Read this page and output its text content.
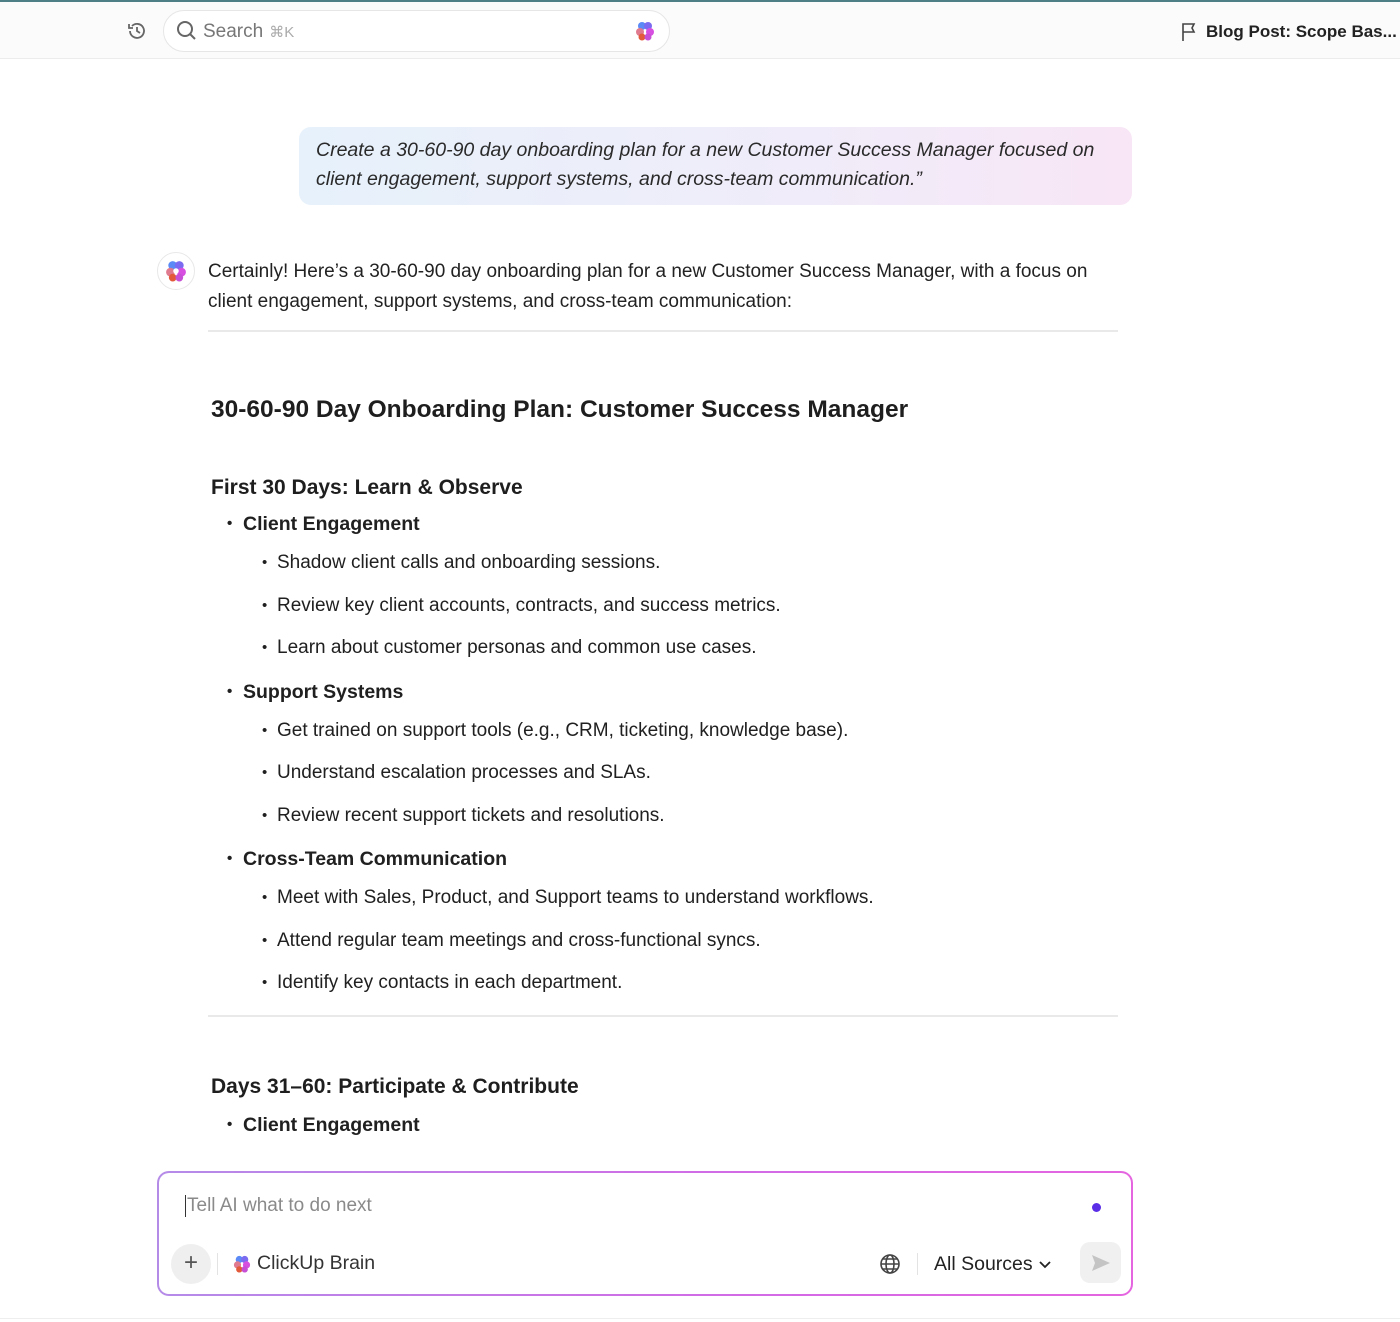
Search ⌘K	Blog Post: Scope Bas...
Create a 30-60-90 day onboarding plan for a new Customer Success Manager focused on client engagement, support systems, and cross-team communication.”

Certainly! Here’s a 30-60-90 day onboarding plan for a new Customer Success Manager, with a focus on client engagement, support systems, and cross-team communication:

30-60-90 Day Onboarding Plan: Customer Success Manager
First 30 Days: Learn & Observe
• Client Engagement
• Shadow client calls and onboarding sessions.
• Review key client accounts, contracts, and success metrics.
• Learn about customer personas and common use cases.
• Support Systems
• Get trained on support tools (e.g., CRM, ticketing, knowledge base).
• Understand escalation processes and SLAs.
• Review recent support tickets and resolutions.
• Cross-Team Communication
• Meet with Sales, Product, and Support teams to understand workflows.
• Attend regular team meetings and cross-functional syncs.
• Identify key contacts in each department.
Days 31–60: Participate & Contribute
• Client Engagement
Tell AI what to do next
+	ClickUp Brain	All Sources
